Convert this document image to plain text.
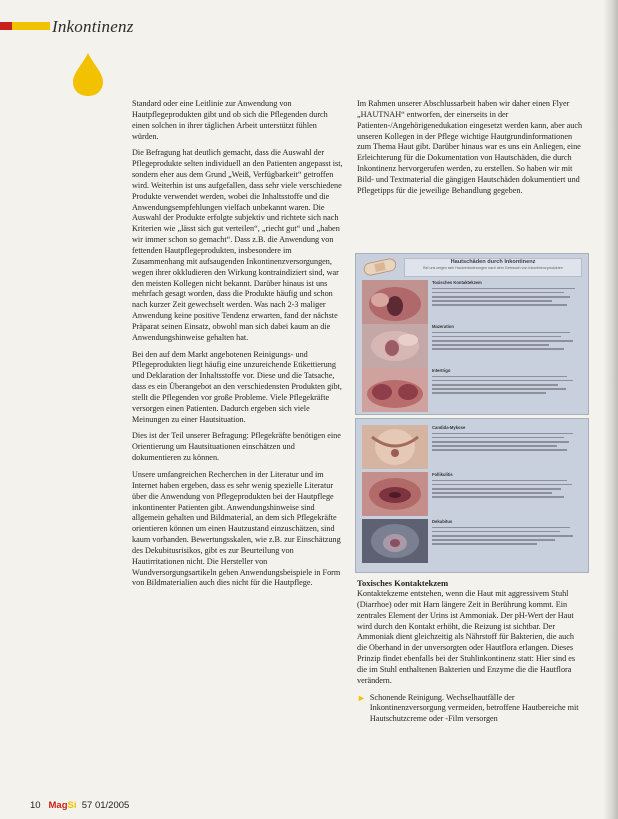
Inkontinenz

Standard oder eine Leitlinie zur Anwendung von Hautpflegeprodukten gibt und ob sich die Pflegenden durch einen solchen in ihrer täglichen Arbeit unterstützt fühlen würden.

Die Befragung hat deutlich gemacht, dass die Auswahl der Pflegeprodukte selten individuell an den Patienten angepasst ist, sondern eher aus dem Grund „Weiß, Verfügbarkeit“ getroffen wird. Weiterhin ist uns aufgefallen, dass sehr viele verschiedene Produkte verwendet werden, wobei die Inhaltsstoffe und die Anwendungsempfehlungen vielfach unbekannt waren. Die Auswahl der Produkte erfolgte subjektiv und richtete sich nach Kriterien wie „lässt sich gut verteilen“, „riecht gut“ und „haben wir immer schon so gemacht“. Dass z.B. die Anwendung von fettenden Hautpflegeprodukten, insbesondere im Zusammenhang mit aufsaugenden Inkontinenzversorgungen, wegen ihrer okkludieren den Wirkung kontraindiziert sind, war den meisten Kollegen nicht bekannt. Darüber hinaus ist uns mehrfach gesagt worden, dass die Produkte häufig und schon nach kurzer Zeit gewechselt werden. Was nach 2-3 maliger Anwendung keine positive Tendenz erwarten, fand der nächste Präparat seinen Einsatz, obwohl man sich dabei kaum an die Anwendungshinweise gehalten hat.

Bei den auf dem Markt angebotenen Reinigungs- und Pflegeprodukten liegt häufig eine unzureichende Etikettierung und Deklaration der Inhaltsstoffe vor. Diese und die Tatsache, dass es ein Überangebot an den verschiedensten Produkten gibt, stellt die Pflegenden vor große Probleme. Viele Pflegekräfte versorgen einen Patienten. Dadurch ergeben sich viele Meinungen zu einer Hautsituation.

Dies ist der Teil unserer Befragung: Pflegekräfte benötigen eine Orientierung um Hautsituationen einschätzen und dokumentieren zu können.

Unsere umfangreichen Recherchen in der Literatur und im Internet haben ergeben, dass es sehr wenig spezielle Literatur über die Anwendung von Pflegeprodukten bei der Hautpflege inkontinenter Patienten gibt. Anwendungshinweise sind allgemein gehalten und Bildmaterial, an dem sich Pflegekräfte orientieren können um einen Hautzustand einzuschätzen, sind kaum vorhanden. Bewertungsskalen, wie z.B. zur Einschätzung des Dekubitusrisikos, gibt es zur Beurteilung von Hautirritationen nicht. Die Hersteller von Wundversorgungsartikeln geben Anwendungsbeispiele in Form von Bildmaterialien auch dies nicht für die Hautpflege.

Im Rahmen unserer Abschlussarbeit haben wir daher einen Flyer „HAUTNAH“ entworfen, der einerseits in der Patienten-/Angehörigenedukation eingesetzt werden kann, aber auch unseren Kollegen in der Pflege wichtige Hautgrundinformationen zum Thema Haut gibt. Darüber hinaus war es uns ein Anliegen, eine Erleichterung für die Dokumentation von Hautschäden, die durch Inkontinenz hervorgerufen werden, zu erstellen. So haben wir mit Bild- und Textmaterial die gängigen Hautschäden dokumentiert und Pflegetipps für die jeweilige Behandlung gegeben.

Hautschäden durch Inkontinenz
Bei uns zeigen sich Hautveränderungen nach dem Gebrauch von Inkontinenzprodukten
Toxisches Kontaktekzem
Mazeration
Intertrigo
Candida-Mykose
Follikulitis
Dekubitus
Toxisches Kontaktekzem

Kontaktekzeme entstehen, wenn die Haut mit aggressivem Stuhl (Diarrhoe) oder mit Harn längere Zeit in Berührung kommt. Ein zentrales Element der Urins ist Ammoniak. Der pH-Wert der Haut wird durch den Kontakt erhöht, die Reizung ist sichtbar. Der Ammoniak dient gleichzeitig als Nährstoff für Bakterien, die auch die Oberhand in der unversorgten oder Hautflora erlangen. Dieses Prinzip findet ebenfalls bei der Stuhlinkontinenz statt: Hier sind es die im Stuhl enthaltenen Bakterien und Enzyme die die Hautflora verändern.

► Schonende Reinigung. Wechselhautfälle der Inkontinenzversorgung vermeiden, betroffene Hautbereiche mit Hautschutzcreme oder -Film versorgen
10 MagSi 57 01/2005
